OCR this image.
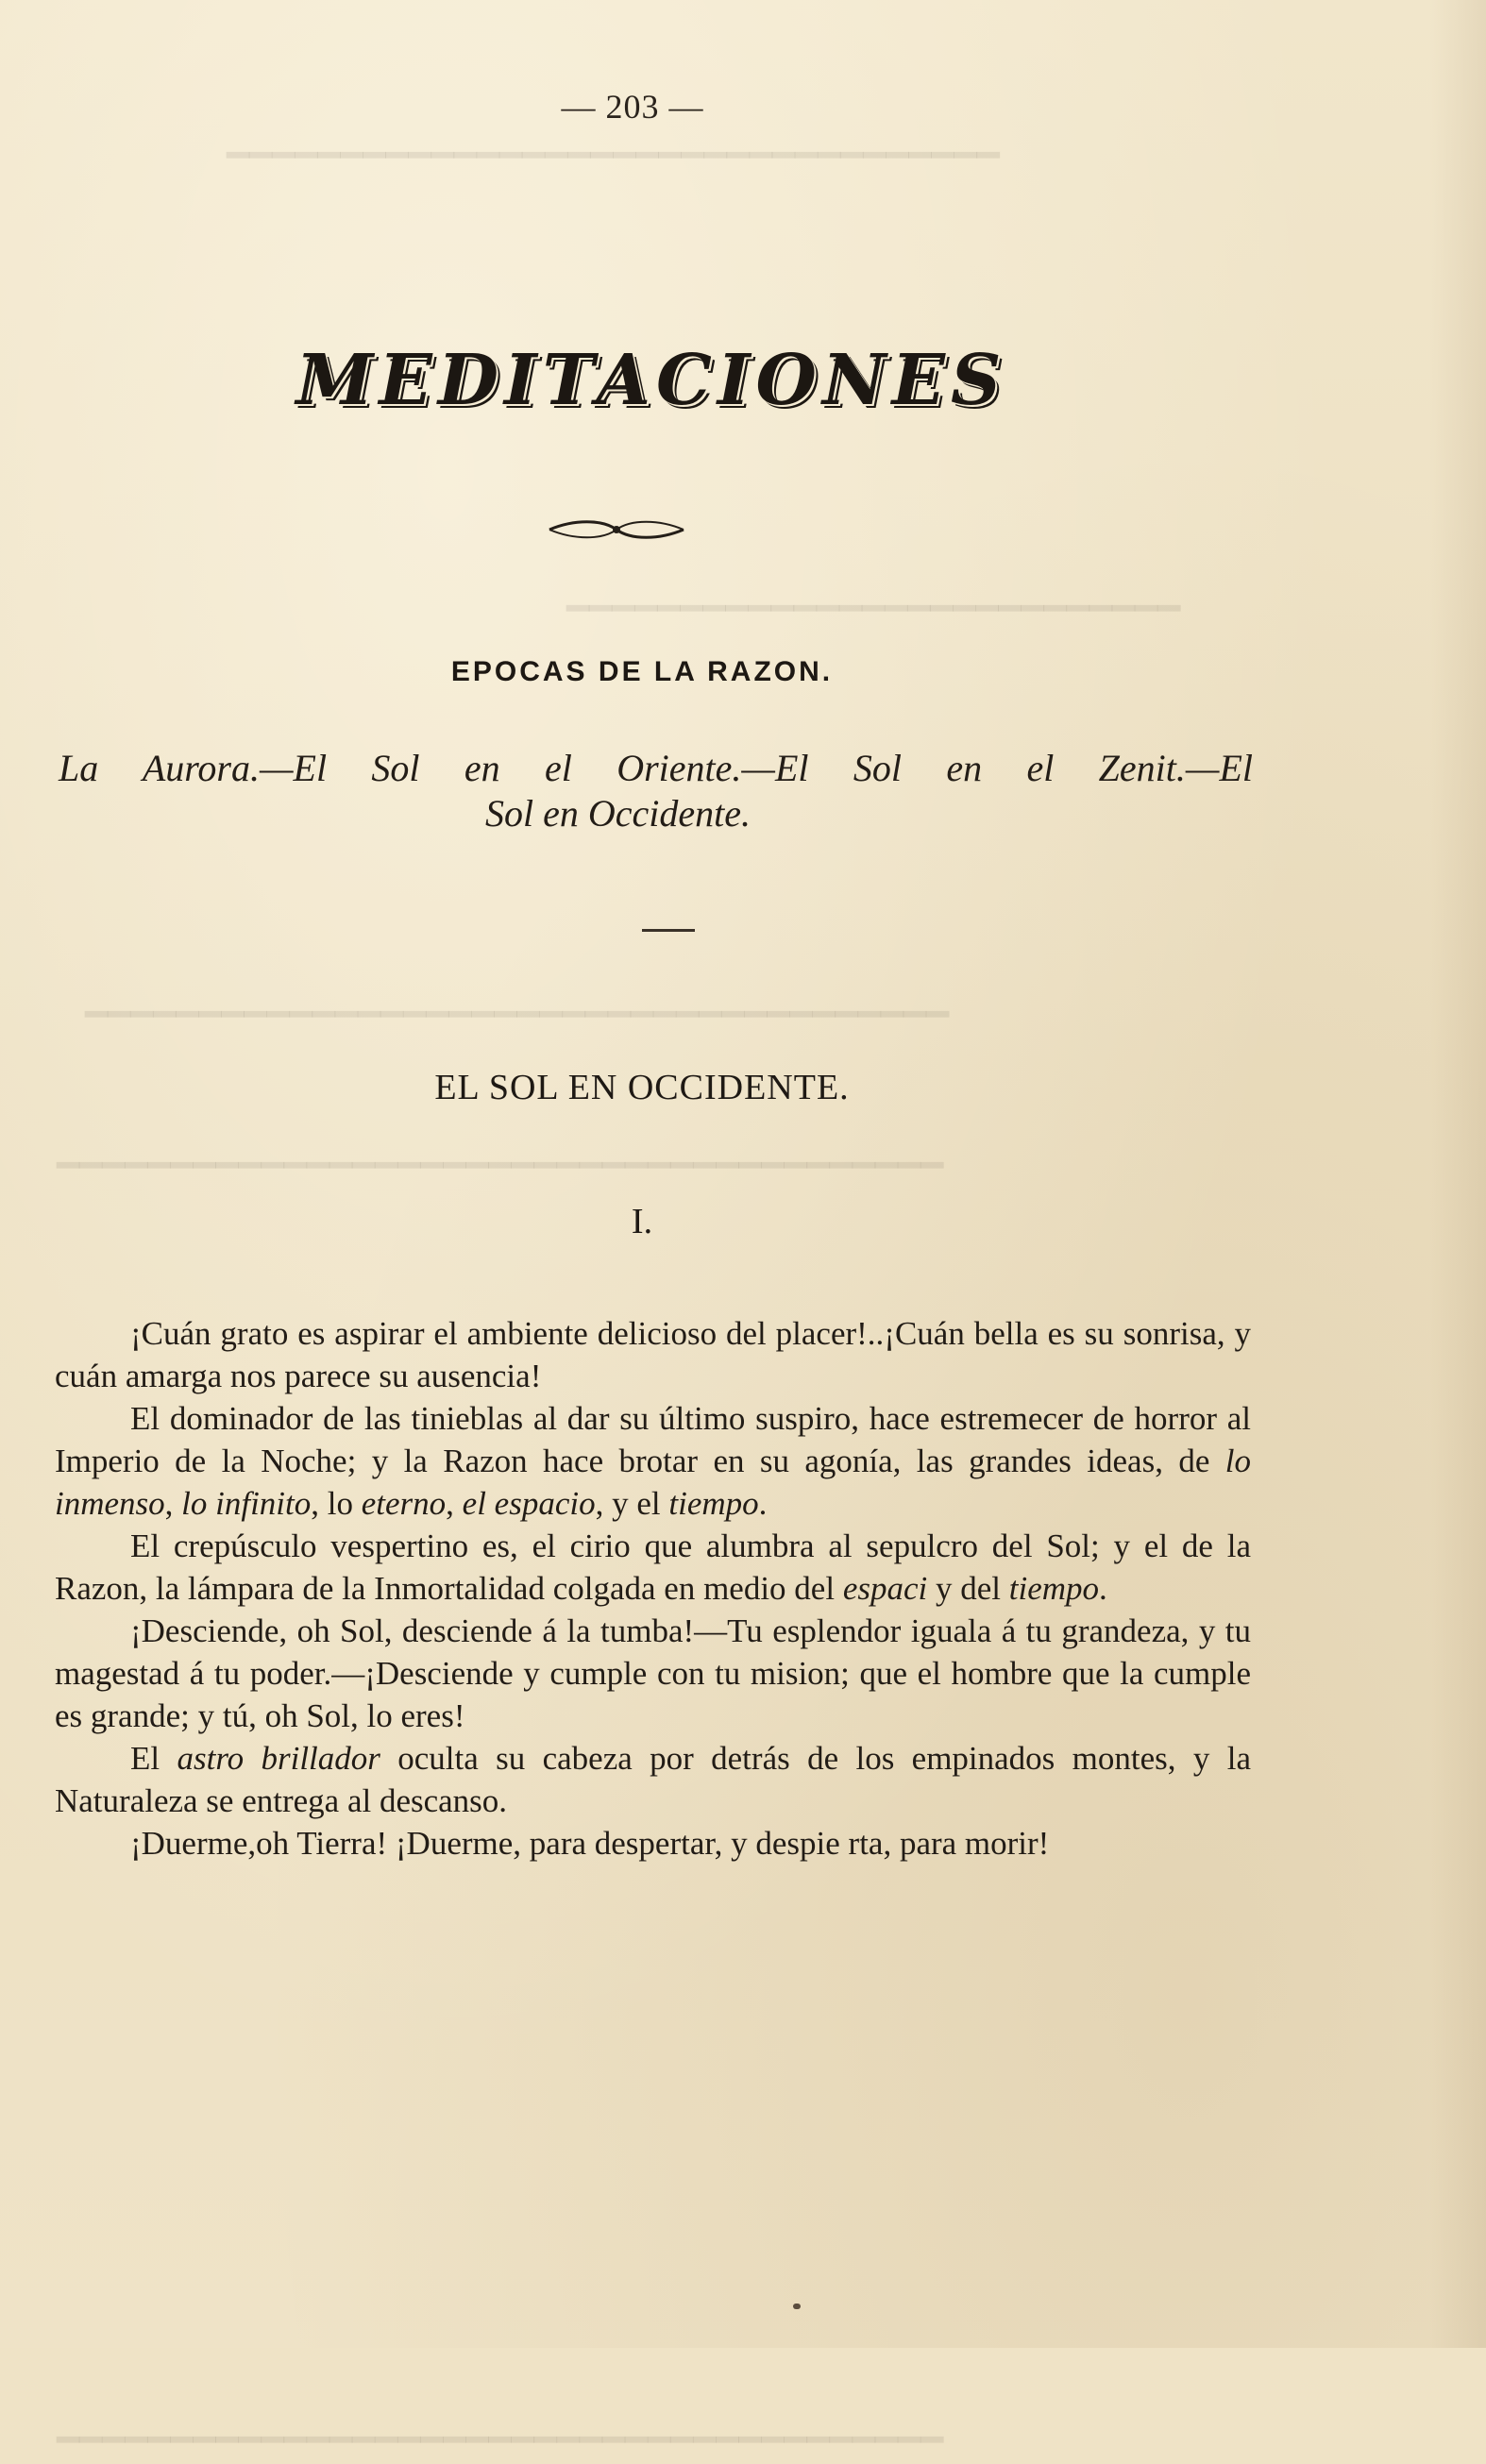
━━━━━━━━━━━━━━━━━━━━━━━━━━━━━━━━━━
━━━━━━━━━━━━━━━━━━━━━━━━━━━
━━━━━━━━━━━━━━━━━━━━━━━━━━━━━━━━━━━━━━
━━━━━━━━━━━━━━━━━━━━━━━━━━━━━━━━━━━━━━━
━━━━━━━━━━━━━━━━━━━━━━━━━━━━━━━━━━━━━━━
— 203 —
MEDITACIONES
EPOCAS DE LA RAZON.
La Aurora.—El Sol en el Oriente.—El Sol en el Zenit.—El
Sol en Occidente.
EL SOL EN OCCIDENTE.
I.

¡Cuán grato es aspirar el ambiente delicioso del placer!..¡Cuán bella es su sonrisa, y cuán amarga nos parece su ausencia!

El dominador de las tinieblas al dar su último suspiro, hace estremecer de horror al Imperio de la Noche; y la Razon hace brotar en su agonía, las grandes ideas, de lo inmenso, lo infinito, lo eterno, el espacio, y el tiempo.

El crepúsculo vespertino es, el cirio que alumbra al sepulcro del Sol; y el de la Razon, la lámpara de la Inmortalidad colgada en medio del espaci y del tiempo.

¡Desciende, oh Sol, desciende á la tumba!—Tu esplendor iguala á tu grandeza, y tu magestad á tu poder.—¡Desciende y cumple con tu mision; que el hombre que la cumple es grande; y tú, oh Sol, lo eres!

El astro brillador oculta su cabeza por detrás de los empinados montes, y la Naturaleza se entrega al descanso.

¡Duerme,oh Tierra! ¡Duerme, para despertar, y despie rta, para morir!
